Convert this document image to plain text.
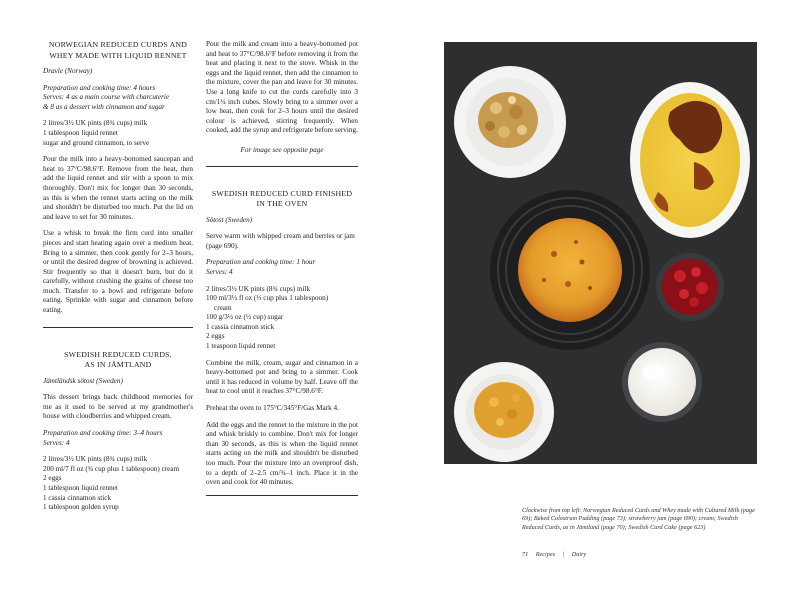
NORWEGIAN REDUCED CURDS AND
WHEY MADE WITH LIQUID RENNET

Dravle (Norway)

Preparation and cooking time: 4 hours
Serves: 4 as a main course with charcuterie

& 8 as a dessert with cinnamon and sugar

2 litres/3½ UK pints (8¾ cups) milk
1 tablespoon liquid rennet
sugar and ground cinnamon, to serve

Pour the milk into a heavy-bottomed saucepan and heat to 37°C/98.6°F. Remove from the heat, then add the liquid rennet and stir with a spoon to mix thoroughly. Don't mix for longer than 30 seconds, as this is when the rennet starts acting on the milk and shouldn't be disturbed too much. Put the lid on and leave to set for 30 minutes.

Use a whisk to break the firm curd into smaller pieces and start heating again over a medium heat. Bring to a simmer, then cook gently for 2–3 hours, or until the desired degree of browning is achieved. Stir frequently so that it doesn't burn, but do it carefully, without crushing the grains of cheese too much. Transfer to a bowl and refrigerate before eating. Sprinkle with sugar and cinnamon before eating.

SWEDISH REDUCED CURDS,
AS IN JÄMTLAND

Jämtländsk sötost (Sweden)

This dessert brings back childhood memories for me as it used to be served at my grandmother's house with cloudberries and whipped cream.

Preparation and cooking time: 3–4 hours

Serves: 4

2 litres/3½ UK pints (8¾ cups) milk
200 ml/7 fl oz (¾ cup plus 1 tablespoon) cream
2 eggs
1 tablespoon liquid rennet
1 cassia cinnamon stick
1 tablespoon golden syrup

Pour the milk and cream into a heavy-bottomed pot and heat to 37°C/98.6°F before removing it from the heat and placing it next to the stove. Whisk in the eggs and the liquid rennet, then add the cinnamon to the mixture, cover the pan and leave for 30 minutes. Use a long knife to cut the curds carefully into 3 cm/1¼ inch cubes. Slowly bring to a simmer over a low heat, then cook for 2–3 hours until the desired colour is achieved, stirring frequently. When cooked, add the syrup and refrigerate before serving.

For image see opposite page

SWEDISH REDUCED CURD FINISHED
IN THE OVEN

Sötost (Sweden)

Serve warm with whipped cream and berries or jam (page 690).

Preparation and cooking time: 1 hour

Serves: 4

2 litres/3½ UK pints (8¾ cups) milk
100 ml/3½ fl oz (⅓ cup plus 1 tablespoon)
cream
100 g/3½ oz (½ cup) sugar
1 cassia cinnamon stick
2 eggs
1 teaspoon liquid rennet

Combine the milk, cream, sugar and cinnamon in a heavy-bottomed pot and bring to a simmer. Cook until it has reduced in volume by half. Leave off the heat to cool until it reaches 37°C/98.6°F.

Preheat the oven to 175°C/345°F/Gas Mark 4.

Add the eggs and the rennet to the mixture in the pot and whisk briskly to combine. Don't mix for longer than 30 seconds, as this is when the liquid rennet starts acting on the milk and shouldn't be disturbed too much. Pour the mixture into an ovenproof dish, to a depth of 2–2.5 cm/¾–1 inch. Place it in the oven and cook for 40 minutes.

Clockwise from top left: Norwegian Reduced Curds and Whey made with Cultured Milk (page 69); Baked Colostrum Pudding (page 73); strawberry jam (page 690); cream; Swedish Reduced Curds, as in Jämtland (page 70); Swedish Curd Cake (page 623)
71 Recipes | Dairy
